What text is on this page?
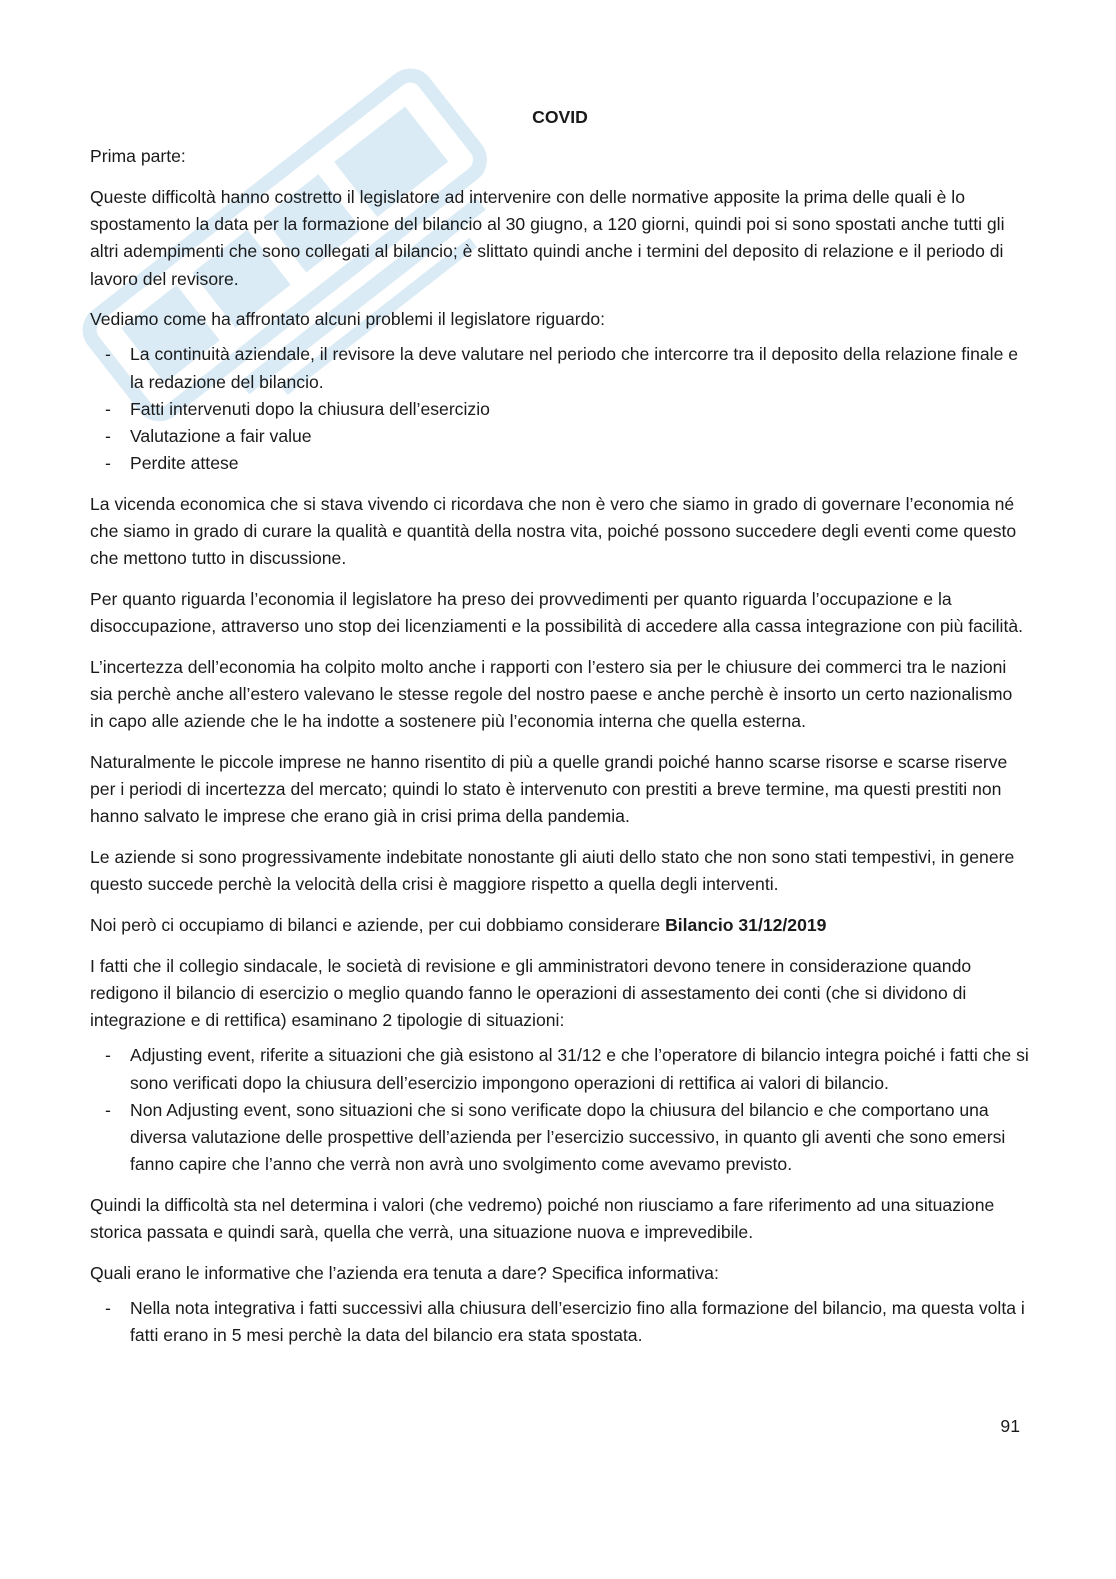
COVID

Prima parte:

Queste difficoltà hanno costretto il legislatore ad intervenire con delle normative apposite la prima delle quali è lo spostamento la data per la formazione del bilancio al 30 giugno, a 120 giorni, quindi poi si sono spostati anche tutti gli altri adempimenti che sono collegati al bilancio; è slittato quindi anche i termini del deposito di relazione e il periodo di lavoro del revisore.

Vediamo come ha affrontato alcuni problemi il legislatore riguardo:

- La continuità aziendale, il revisore la deve valutare nel periodo che intercorre tra il deposito della relazione finale e la redazione del bilancio.
- Fatti intervenuti dopo la chiusura dell’esercizio
- Valutazione a fair value
- Perdite attese

La vicenda economica che si stava vivendo ci ricordava che non è vero che siamo in grado di governare l’economia né che siamo in grado di curare la qualità e quantità della nostra vita, poiché possono succedere degli eventi come questo che mettono tutto in discussione.

Per quanto riguarda l’economia il legislatore ha preso dei provvedimenti per quanto riguarda l’occupazione e la disoccupazione, attraverso uno stop dei licenziamenti e la possibilità di accedere alla cassa integrazione con più facilità.

L’incertezza dell’economia ha colpito molto anche i rapporti con l’estero sia per le chiusure dei commerci tra le nazioni sia perchè anche all’estero valevano le stesse regole del nostro paese e anche perchè è insorto un certo nazionalismo in capo alle aziende che le ha indotte a sostenere più l’economia interna che quella esterna.

Naturalmente le piccole imprese ne hanno risentito di più a quelle grandi poiché hanno scarse risorse e scarse riserve per i periodi di incertezza del mercato; quindi lo stato è intervenuto con prestiti a breve termine, ma questi prestiti non hanno salvato le imprese che erano già in crisi prima della pandemia.

Le aziende si sono progressivamente indebitate nonostante gli aiuti dello stato che non sono stati tempestivi, in genere questo succede perchè la velocità della crisi è maggiore rispetto a quella degli interventi.

Noi però ci occupiamo di bilanci e aziende, per cui dobbiamo considerare Bilancio 31/12/2019

I fatti che il collegio sindacale, le società di revisione e gli amministratori devono tenere in considerazione quando redigono il bilancio di esercizio o meglio quando fanno le operazioni di assestamento dei conti (che si dividono di integrazione e di rettifica) esaminano 2 tipologie di situazioni:

- Adjusting event, riferite a situazioni che già esistono al 31/12 e che l’operatore di bilancio integra poiché i fatti che si sono verificati dopo la chiusura dell’esercizio impongono operazioni di rettifica ai valori di bilancio.
- Non Adjusting event, sono situazioni che si sono verificate dopo la chiusura del bilancio e che comportano una diversa valutazione delle prospettive dell’azienda per l’esercizio successivo, in quanto gli aventi che sono emersi fanno capire che l’anno che verrà non avrà uno svolgimento come avevamo previsto.

Quindi la difficoltà sta nel determina i valori (che vedremo) poiché non riusciamo a fare riferimento ad una situazione storica passata e quindi sarà, quella che verrà, una situazione nuova e imprevedibile.

Quali erano le informative che l’azienda era tenuta a dare? Specifica informativa:

- Nella nota integrativa i fatti successivi alla chiusura dell’esercizio fino alla formazione del bilancio, ma questa volta i fatti erano in 5 mesi perchè la data del bilancio era stata spostata.
91
